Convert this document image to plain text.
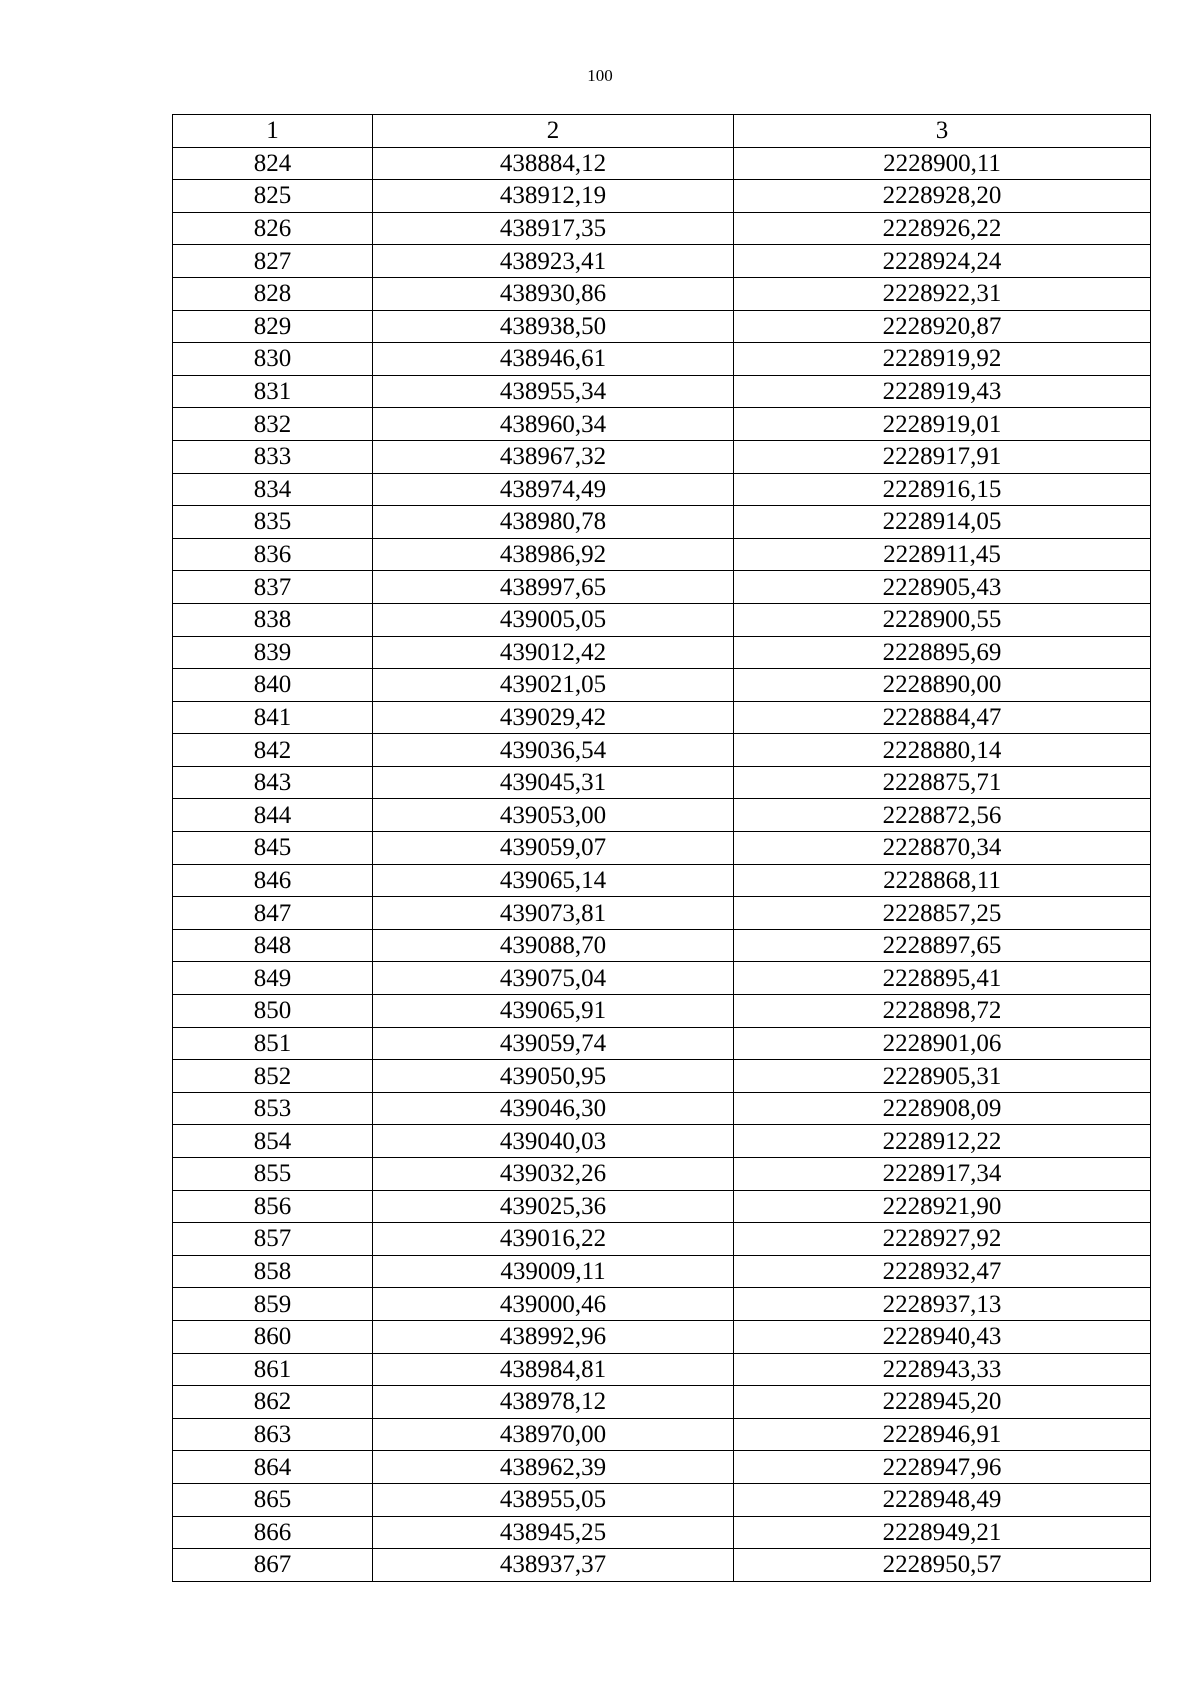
100
1	2	3
824	438884,12	2228900,11
825	438912,19	2228928,20
826	438917,35	2228926,22
827	438923,41	2228924,24
828	438930,86	2228922,31
829	438938,50	2228920,87
830	438946,61	2228919,92
831	438955,34	2228919,43
832	438960,34	2228919,01
833	438967,32	2228917,91
834	438974,49	2228916,15
835	438980,78	2228914,05
836	438986,92	2228911,45
837	438997,65	2228905,43
838	439005,05	2228900,55
839	439012,42	2228895,69
840	439021,05	2228890,00
841	439029,42	2228884,47
842	439036,54	2228880,14
843	439045,31	2228875,71
844	439053,00	2228872,56
845	439059,07	2228870,34
846	439065,14	2228868,11
847	439073,81	2228857,25
848	439088,70	2228897,65
849	439075,04	2228895,41
850	439065,91	2228898,72
851	439059,74	2228901,06
852	439050,95	2228905,31
853	439046,30	2228908,09
854	439040,03	2228912,22
855	439032,26	2228917,34
856	439025,36	2228921,90
857	439016,22	2228927,92
858	439009,11	2228932,47
859	439000,46	2228937,13
860	438992,96	2228940,43
861	438984,81	2228943,33
862	438978,12	2228945,20
863	438970,00	2228946,91
864	438962,39	2228947,96
865	438955,05	2228948,49
866	438945,25	2228949,21
867	438937,37	2228950,57
